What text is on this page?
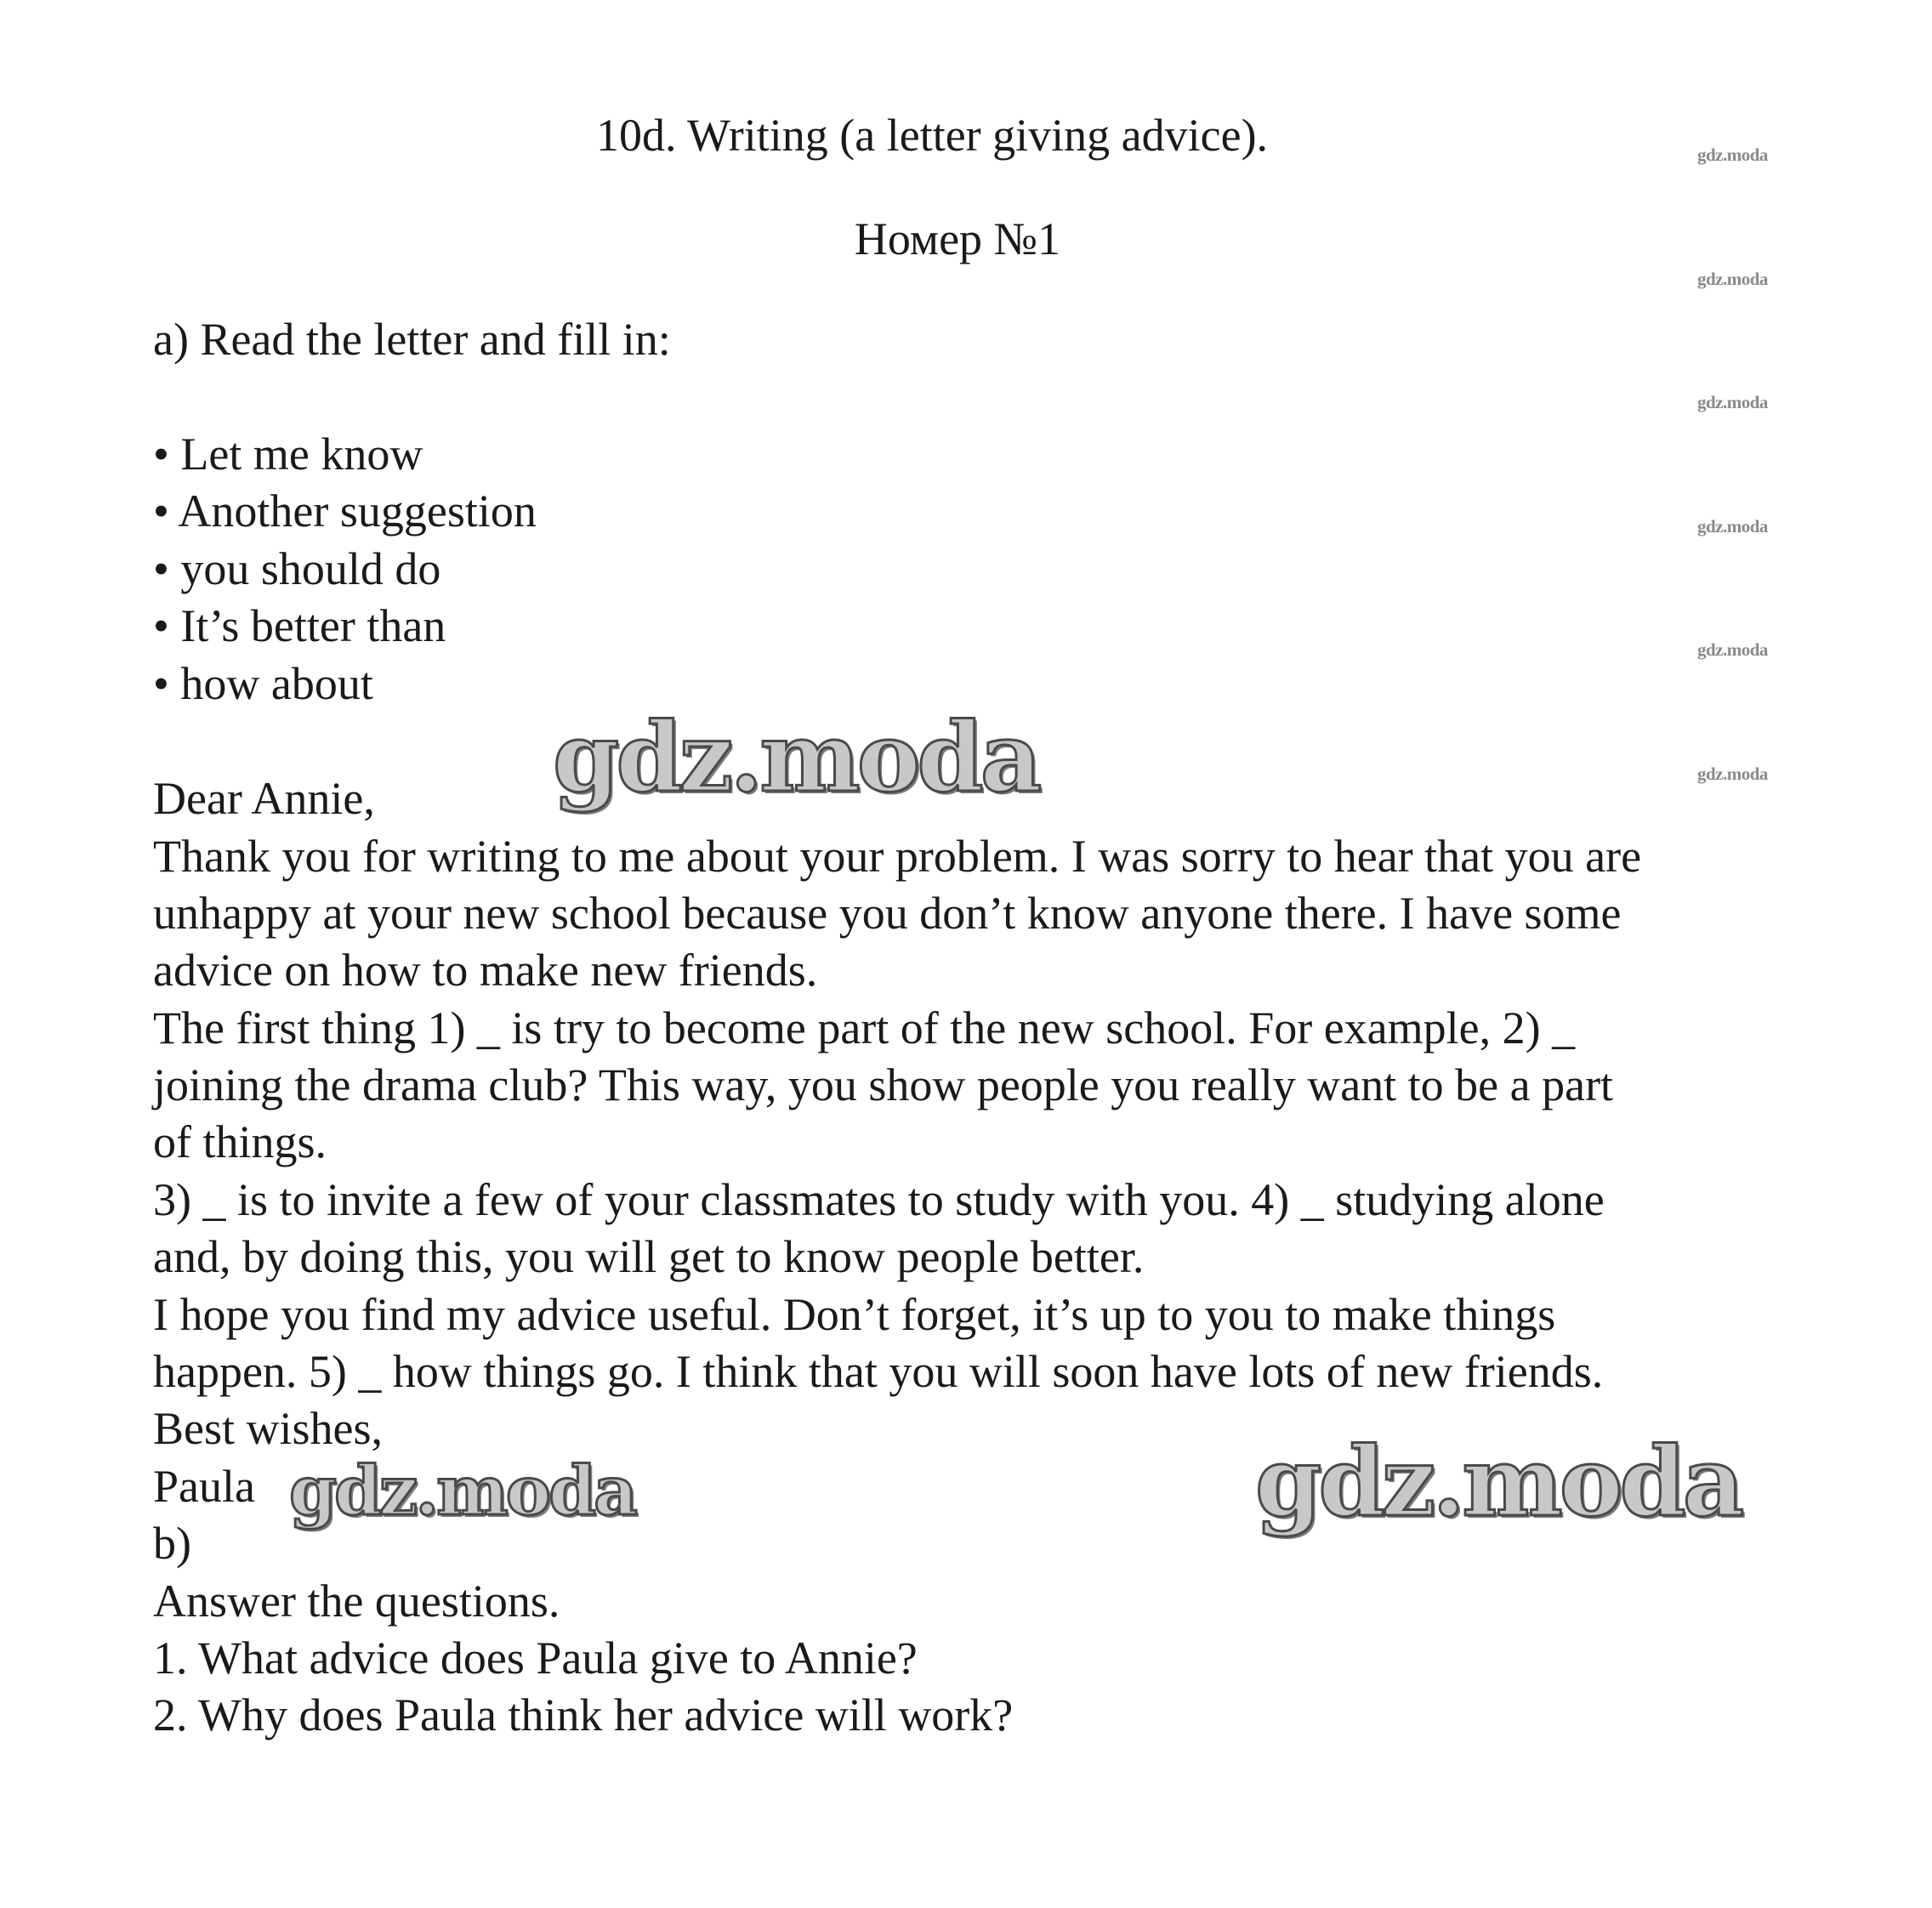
10d. Writing (a letter giving advice).

Номер №1

gdz.moda
gdz.moda
gdz.moda
gdz.moda
gdz.moda
gdz.moda

a) Read the letter and fill in:

• Let me know

• Another suggestion

• you should do

• It’s better than

• how about

gdz.moda

Dear Annie,

Thank you for writing to me about your problem. I was sorry to hear that you are

unhappy at your new school because you don’t know anyone there. I have some

advice on how to make new friends.

The first thing 1) _ is try to become part of the new school. For example, 2) _

joining the drama club? This way, you show people you really want to be a part

of things.

3) _ is to invite a few of your classmates to study with you. 4) _ studying alone

and, by doing this, you will get to know people better.

I hope you find my advice useful. Don’t forget, it’s up to you to make things

happen. 5) _ how things go. I think that you will soon have lots of new friends.

Best wishes,

Paula gdz.moda	gdz.moda

b)

Answer the questions.

1. What advice does Paula give to Annie?

2. Why does Paula think her advice will work?
